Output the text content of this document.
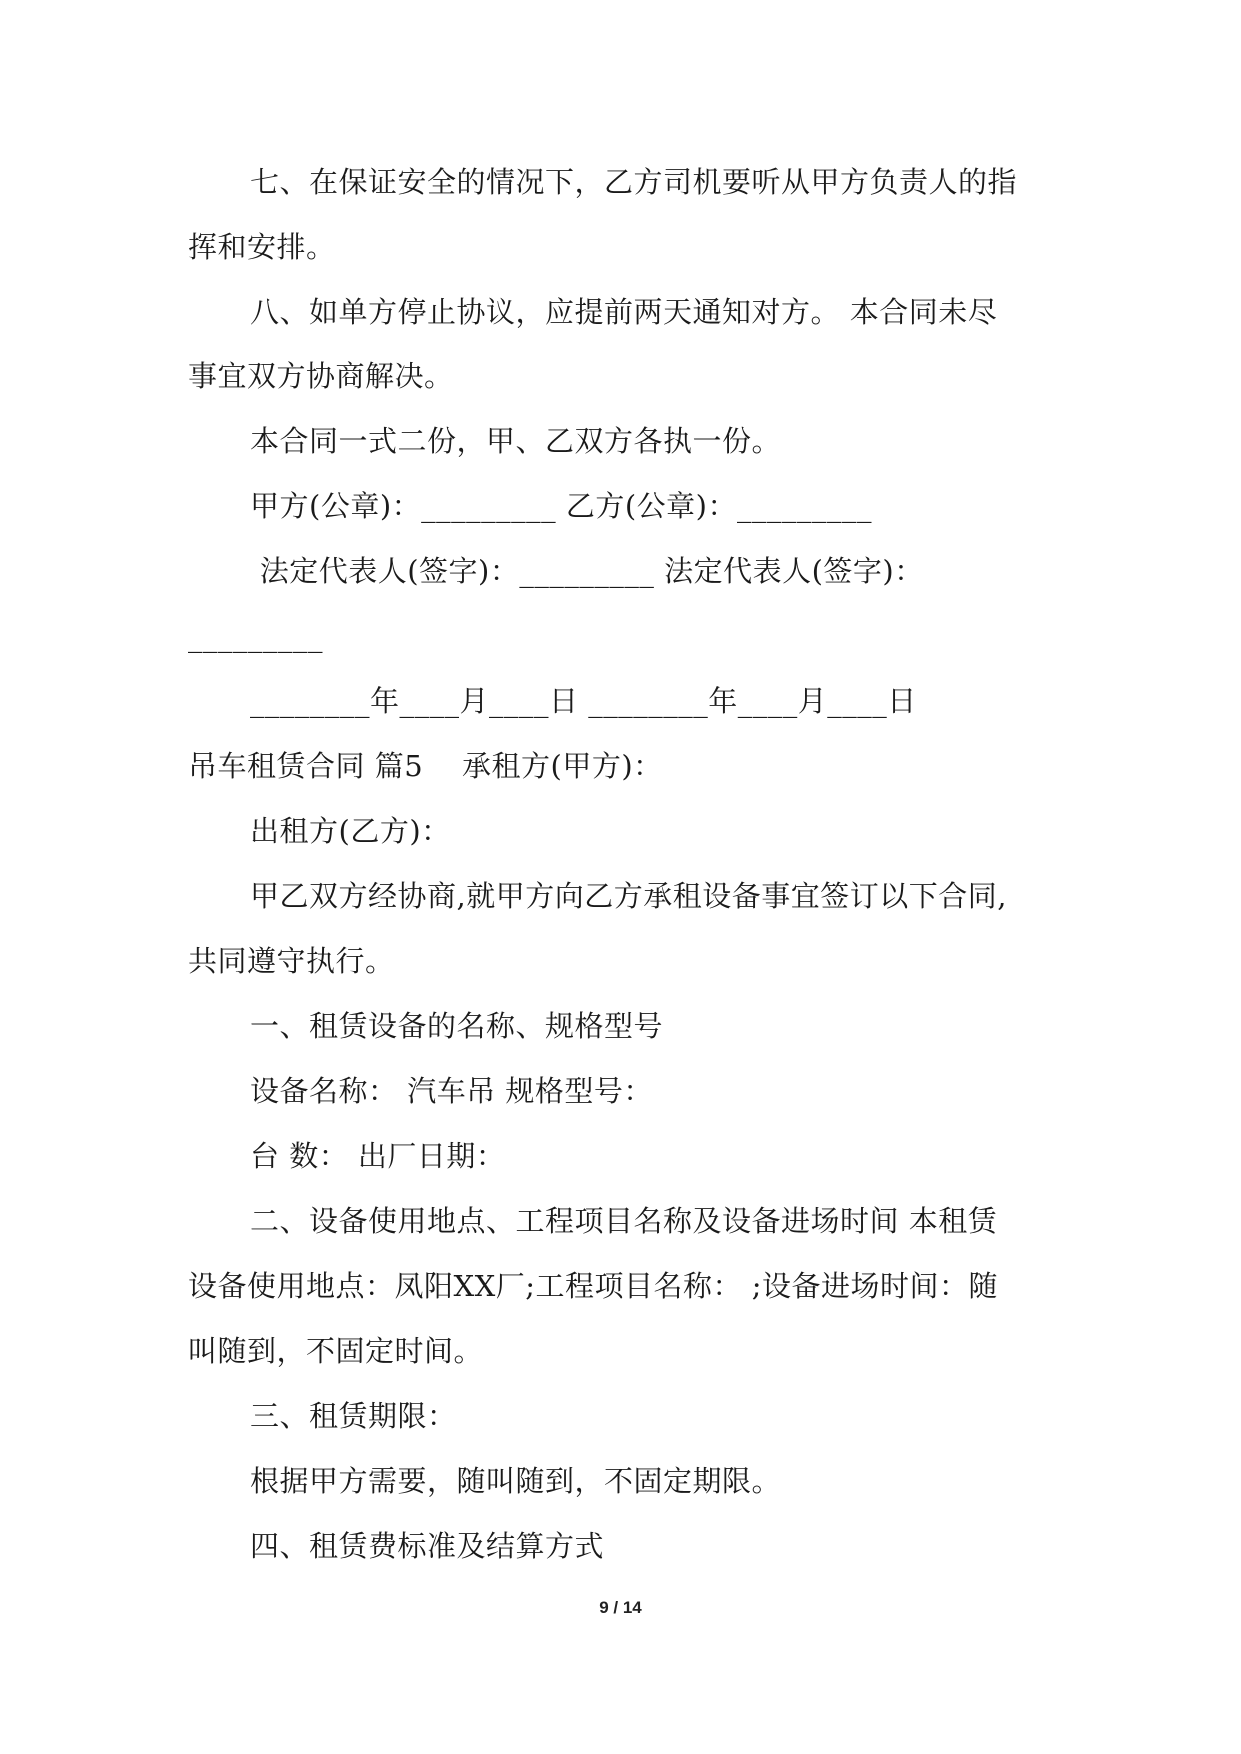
七、在保证安全的情况下，乙方司机要听从甲方负责人的指
挥和安排。
八、如单方停止协议，应提前两天通知对方。 本合同未尽
事宜双方协商解决。
本合同一式二份，甲、乙双方各执一份。
甲方(公章)：_________ 乙方(公章)：_________
法定代表人(签字)：_________ 法定代表人(签字)：
_________
________年____月____日 ________年____月____日
吊车租赁合同 篇5    承租方(甲方)：
出租方(乙方)：
甲乙双方经协商,就甲方向乙方承租设备事宜签订以下合同,
共同遵守执行。
一、租赁设备的名称、规格型号
设备名称： 汽车吊 规格型号：
台 数： 出厂日期：
二、设备使用地点、工程项目名称及设备进场时间 本租赁
设备使用地点：凤阳XX厂;工程项目名称： ;设备进场时间：随
叫随到，不固定时间。
三、租赁期限：
根据甲方需要，随叫随到，不固定期限。
四、租赁费标准及结算方式
9 / 14
